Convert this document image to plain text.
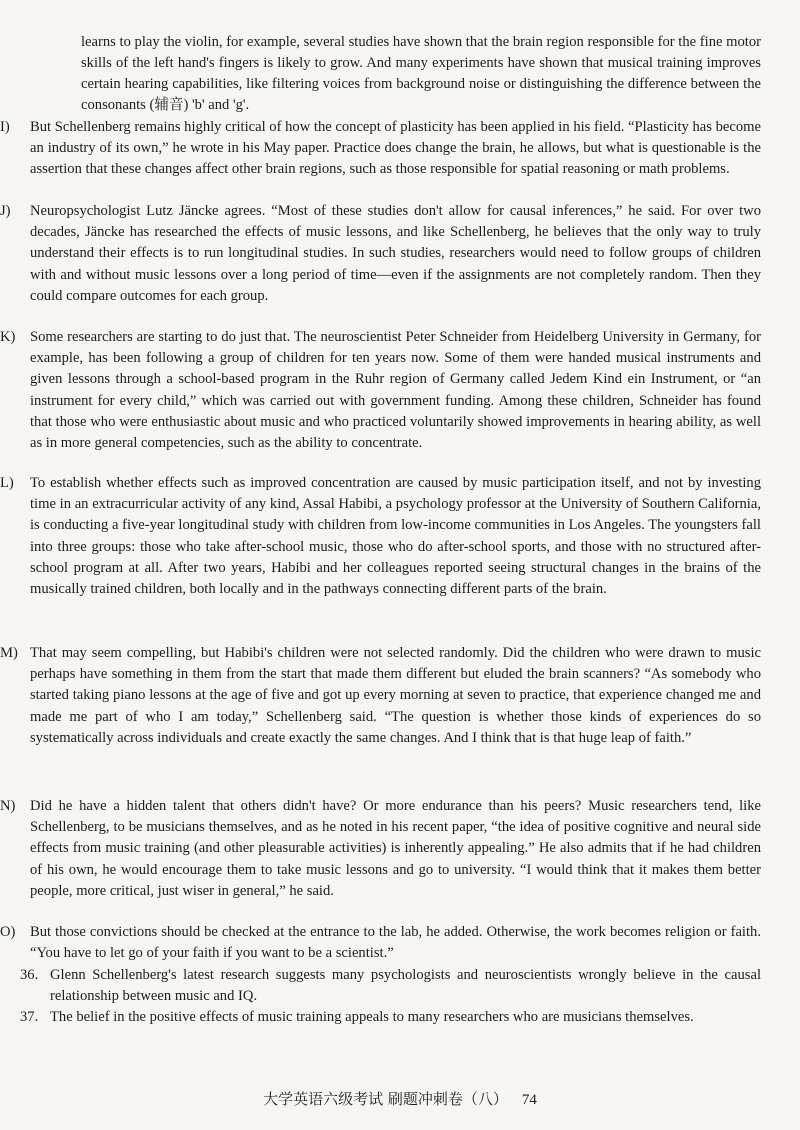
learns to play the violin, for example, several studies have shown that the brain region responsible for the fine motor skills of the left hand's fingers is likely to grow. And many experiments have shown that musical training improves certain hearing capabilities, like filtering voices from background noise or distinguishing the difference between the consonants (辅音) 'b' and 'g'.
I)	But Schellenberg remains highly critical of how the concept of plasticity has been applied in his field. “Plasticity has become an industry of its own,” he wrote in his May paper. Practice does change the brain, he allows, but what is questionable is the assertion that these changes affect other brain regions, such as those responsible for spatial reasoning or math problems.
J)	Neuropsychologist Lutz Jäncke agrees. “Most of these studies don't allow for causal inferences,” he said. For over two decades, Jäncke has researched the effects of music lessons, and like Schellenberg, he believes that the only way to truly understand their effects is to run longitudinal studies. In such studies, researchers would need to follow groups of children with and without music lessons over a long period of time—even if the assignments are not completely random. Then they could compare outcomes for each group.
K) Some researchers are starting to do just that. The neuroscientist Peter Schneider from Heidelberg University in Germany, for example, has been following a group of children for ten years now. Some of them were handed musical instruments and given lessons through a school-based program in the Ruhr region of Germany called Jedem Kind ein Instrument, or “an instrument for every child,” which was carried out with government funding. Among these children, Schneider has found that those who were enthusiastic about music and who practiced voluntarily showed improvements in hearing ability, as well as in more general competencies, such as the ability to concentrate.
L)	To establish whether effects such as improved concentration are caused by music participation itself, and not by investing time in an extracurricular activity of any kind, Assal Habibi, a psychology professor at the University of Southern California, is conducting a five-year longitudinal study with children from low-income communities in Los Angeles. The youngsters fall into three groups: those who take after-school music, those who do after-school sports, and those with no structured after-school program at all. After two years, Habibi and her colleagues reported seeing structural changes in the brains of the musically trained children, both locally and in the pathways connecting different parts of the brain.
M) That may seem compelling, but Habibi's children were not selected randomly. Did the children who were drawn to music perhaps have something in them from the start that made them different but eluded the brain scanners? “As somebody who started taking piano lessons at the age of five and got up every morning at seven to practice, that experience changed me and made me part of who I am today,” Schellenberg said. “The question is whether those kinds of experiences do so systematically across individuals and create exactly the same changes. And I think that is that huge leap of faith.”
N) Did he have a hidden talent that others didn't have? Or more endurance than his peers? Music researchers tend, like Schellenberg, to be musicians themselves, and as he noted in his recent paper, “the idea of positive cognitive and neural side effects from music training (and other pleasurable activities) is inherently appealing.” He also admits that if he had children of his own, he would encourage them to take music lessons and go to university. “I would think that it makes them better people, more critical, just wiser in general,” he said.
O) But those convictions should be checked at the entrance to the lab, he added. Otherwise, the work becomes religion or faith. “You have to let go of your faith if you want to be a scientist.”
36. Glenn Schellenberg's latest research suggests many psychologists and neuroscientists wrongly believe in the causal relationship between music and IQ.
37. The belief in the positive effects of music training appeals to many researchers who are musicians themselves.
大学英语六级考试 刷题冲刺卷（八） 74
